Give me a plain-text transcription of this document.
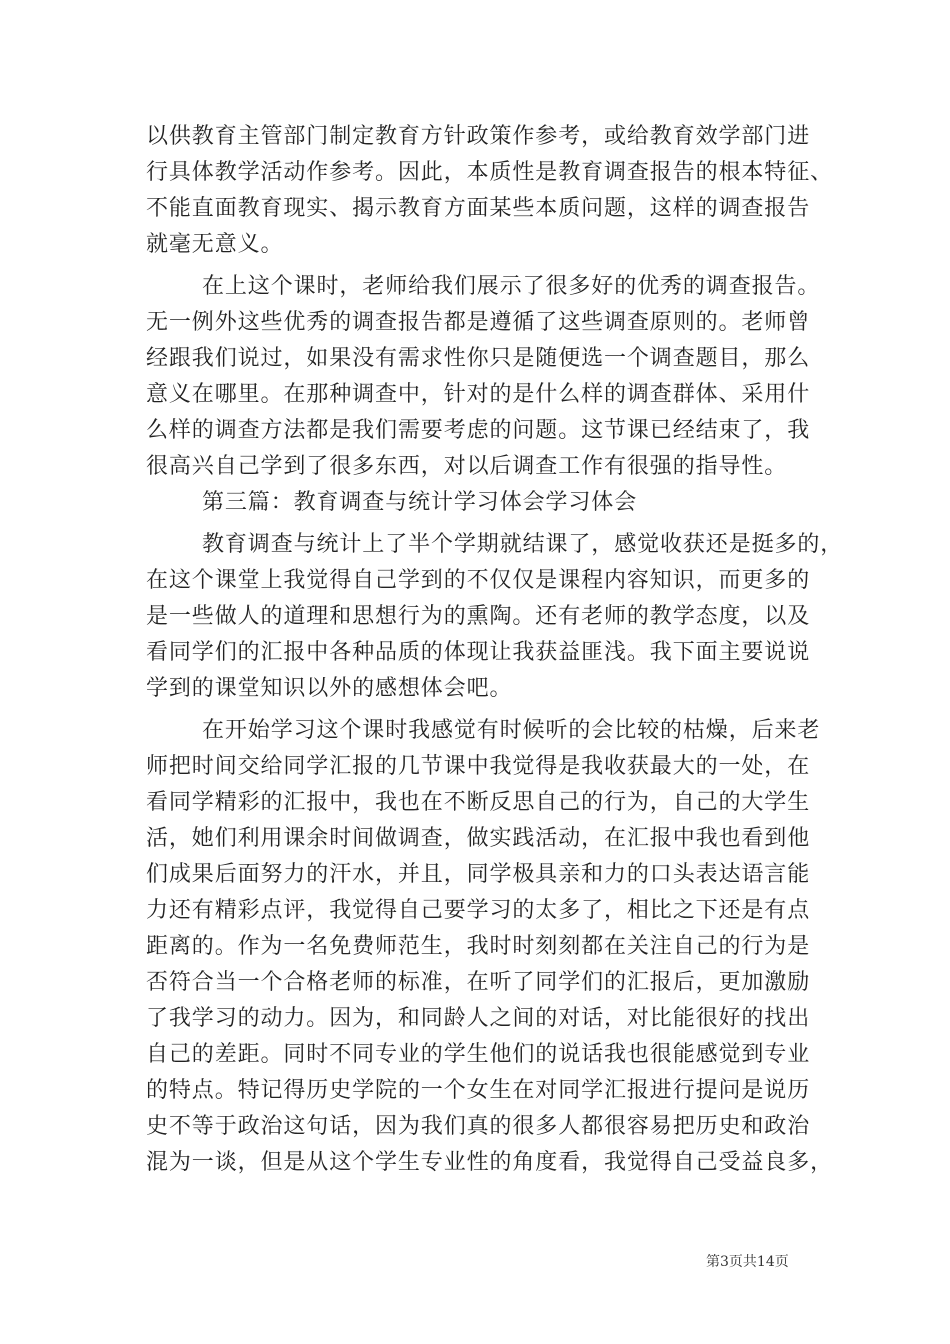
以供教育主管部门制定教育方针政策作参考，或给教育效学部门进
行具体教学活动作参考。因此，本质性是教育调查报告的根本特征、
不能直面教育现实、揭示教育方面某些本质问题，这样的调查报告
就毫无意义。
在上这个课时，老师给我们展示了很多好的优秀的调查报告。
无一例外这些优秀的调查报告都是遵循了这些调查原则的。老师曾
经跟我们说过，如果没有需求性你只是随便选一个调查题目，那么
意义在哪里。在那种调查中，针对的是什么样的调查群体、采用什
么样的调查方法都是我们需要考虑的问题。这节课已经结束了，我
很高兴自己学到了很多东西，对以后调查工作有很强的指导性。
第三篇：教育调查与统计学习体会学习体会
教育调查与统计上了半个学期就结课了，感觉收获还是挺多的，
在这个课堂上我觉得自己学到的不仅仅是课程内容知识，而更多的
是一些做人的道理和思想行为的熏陶。还有老师的教学态度，以及
看同学们的汇报中各种品质的体现让我获益匪浅。我下面主要说说
学到的课堂知识以外的感想体会吧。
在开始学习这个课时我感觉有时候听的会比较的枯燥，后来老
师把时间交给同学汇报的几节课中我觉得是我收获最大的一处，在
看同学精彩的汇报中，我也在不断反思自己的行为，自己的大学生
活，她们利用课余时间做调查，做实践活动，在汇报中我也看到他
们成果后面努力的汗水，并且，同学极具亲和力的口头表达语言能
力还有精彩点评，我觉得自己要学习的太多了，相比之下还是有点
距离的。作为一名免费师范生，我时时刻刻都在关注自己的行为是
否符合当一个合格老师的标准，在听了同学们的汇报后，更加激励
了我学习的动力。因为，和同龄人之间的对话，对比能很好的找出
自己的差距。同时不同专业的学生他们的说话我也很能感觉到专业
的特点。特记得历史学院的一个女生在对同学汇报进行提问是说历
史不等于政治这句话，因为我们真的很多人都很容易把历史和政治
混为一谈，但是从这个学生专业性的角度看，我觉得自己受益良多，
第3页共14页
